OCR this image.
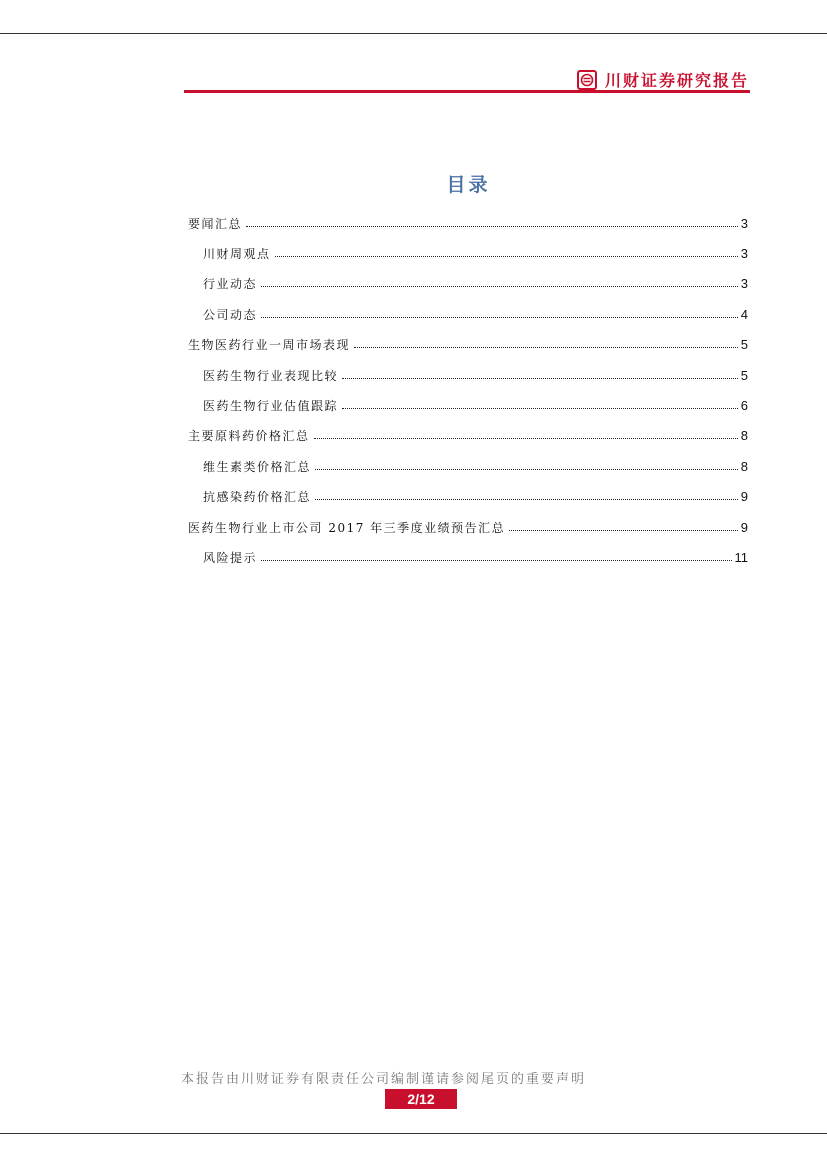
川财证券研究报告
目录
要闻汇总	3
川财周观点	3
行业动态	3
公司动态	4
生物医药行业一周市场表现	5
医药生物行业表现比较	5
医药生物行业估值跟踪	6
主要原料药价格汇总	8
维生素类价格汇总	8
抗感染药价格汇总	9
医药生物行业上市公司 2017 年三季度业绩预告汇总	9
风险提示	11
本报告由川财证券有限责任公司编制谨请参阅尾页的重要声明
2/12
